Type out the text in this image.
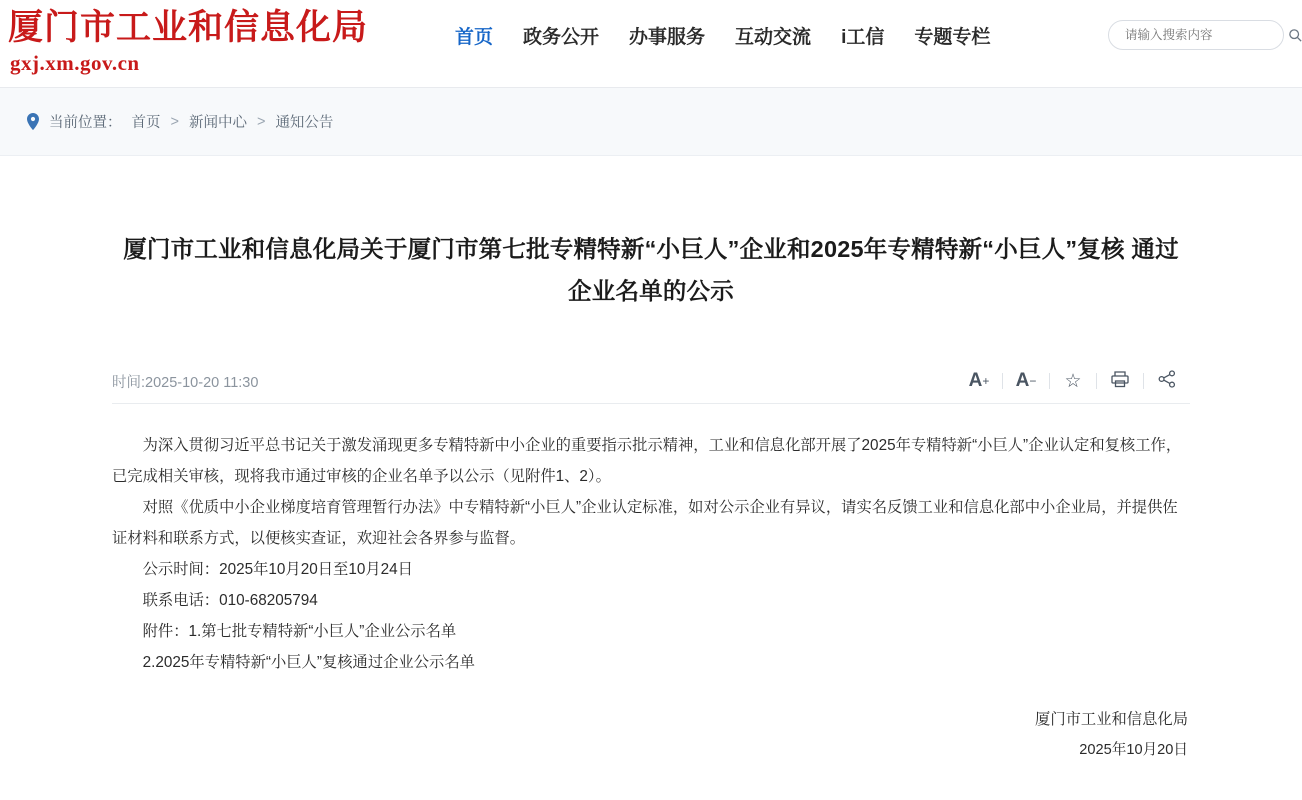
厦门市工业和信息化局
gxj.xm.gov.cn
首页 政务公开 办事服务 互动交流 i工信 专题专栏
请输入搜索内容
当前位置： 首页 > 新闻中心 > 通知公告
厦门市工业和信息化局关于厦门市第七批专精特新“小巨人”企业和2025年专精特新“小巨人”复核 通过企业名单的公示
时间:2025-10-20 11:30	A + A − ☆

为深入贯彻习近平总书记关于激发涌现更多专精特新中小企业的重要指示批示精神，工业和信息化部开展了2025年专精特新“小巨人”企业认定和复核工作，已完成相关审核，现将我市通过审核的企业名单予以公示（见附件1、2）。

对照《优质中小企业梯度培育管理暂行办法》中专精特新“小巨人”企业认定标准，如对公示企业有异议，请实名反馈工业和信息化部中小企业局，并提供佐证材料和联系方式，以便核实查证，欢迎社会各界参与监督。

公示时间：2025年10月20日至10月24日

联系电话：010-68205794

附件：1.第七批专精特新“小巨人”企业公示名单

2.2025年专精特新“小巨人”复核通过企业公示名单

厦门市工业和信息化局
2025年10月20日
